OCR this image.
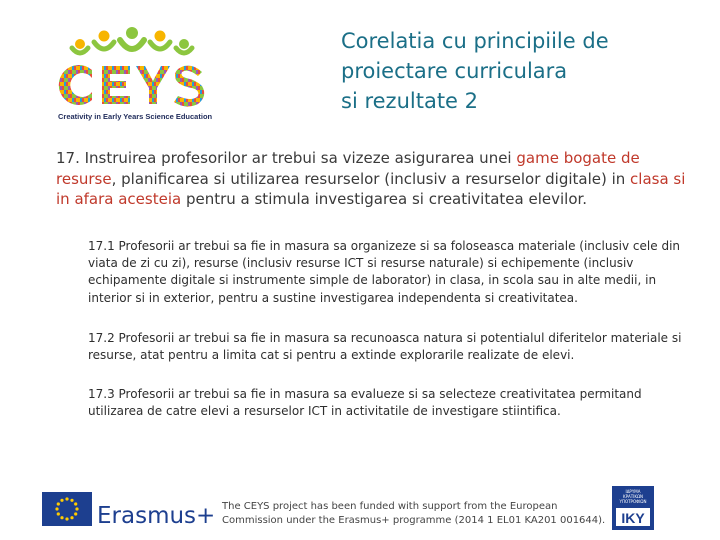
Creativity in Early Years Science Education
Corelatia cu principiile de
proiectare curriculara
si rezultate 2
17. Instruirea profesorilor ar trebui sa vizeze asigurarea unei game bogate de resurse, planificarea si utilizarea resurselor (inclusiv a resurselor digitale) in clasa si in afara acesteia pentru a stimula investigarea si creativitatea elevilor.
17.1 Profesorii ar trebui sa fie in masura sa organizeze si sa foloseasca materiale (inclusiv cele din viata de zi cu zi), resurse (inclusiv resurse ICT si resurse naturale) si echipemente (inclusiv echipamente digitale si instrumente simple de laborator) in clasa, in scola sau in alte medii, in interior si in exterior, pentru a sustine investigarea independenta si creativitatea.
17.2 Profesorii ar trebui sa fie in masura sa recunoasca natura si potentialul diferitelor materiale si resurse, atat pentru a limita cat si pentru a extinde explorarile realizate de elevi.
17.3 Profesorii ar trebui sa fie in masura sa evalueze si sa selecteze creativitatea permitand utilizarea de catre elevi a resurselor ICT in activitatile de investigare stiintifica.
Erasmus+ The CEYS project has been funded with support from the European
Commission under the Erasmus+ programme (2014 1 EL01 KA201 001644).
ΙΔΡΥΜΑ
ΚΡΑΤΙΚΩΝ
ΥΠΟΤΡΟΦΙΩΝ
IKY
